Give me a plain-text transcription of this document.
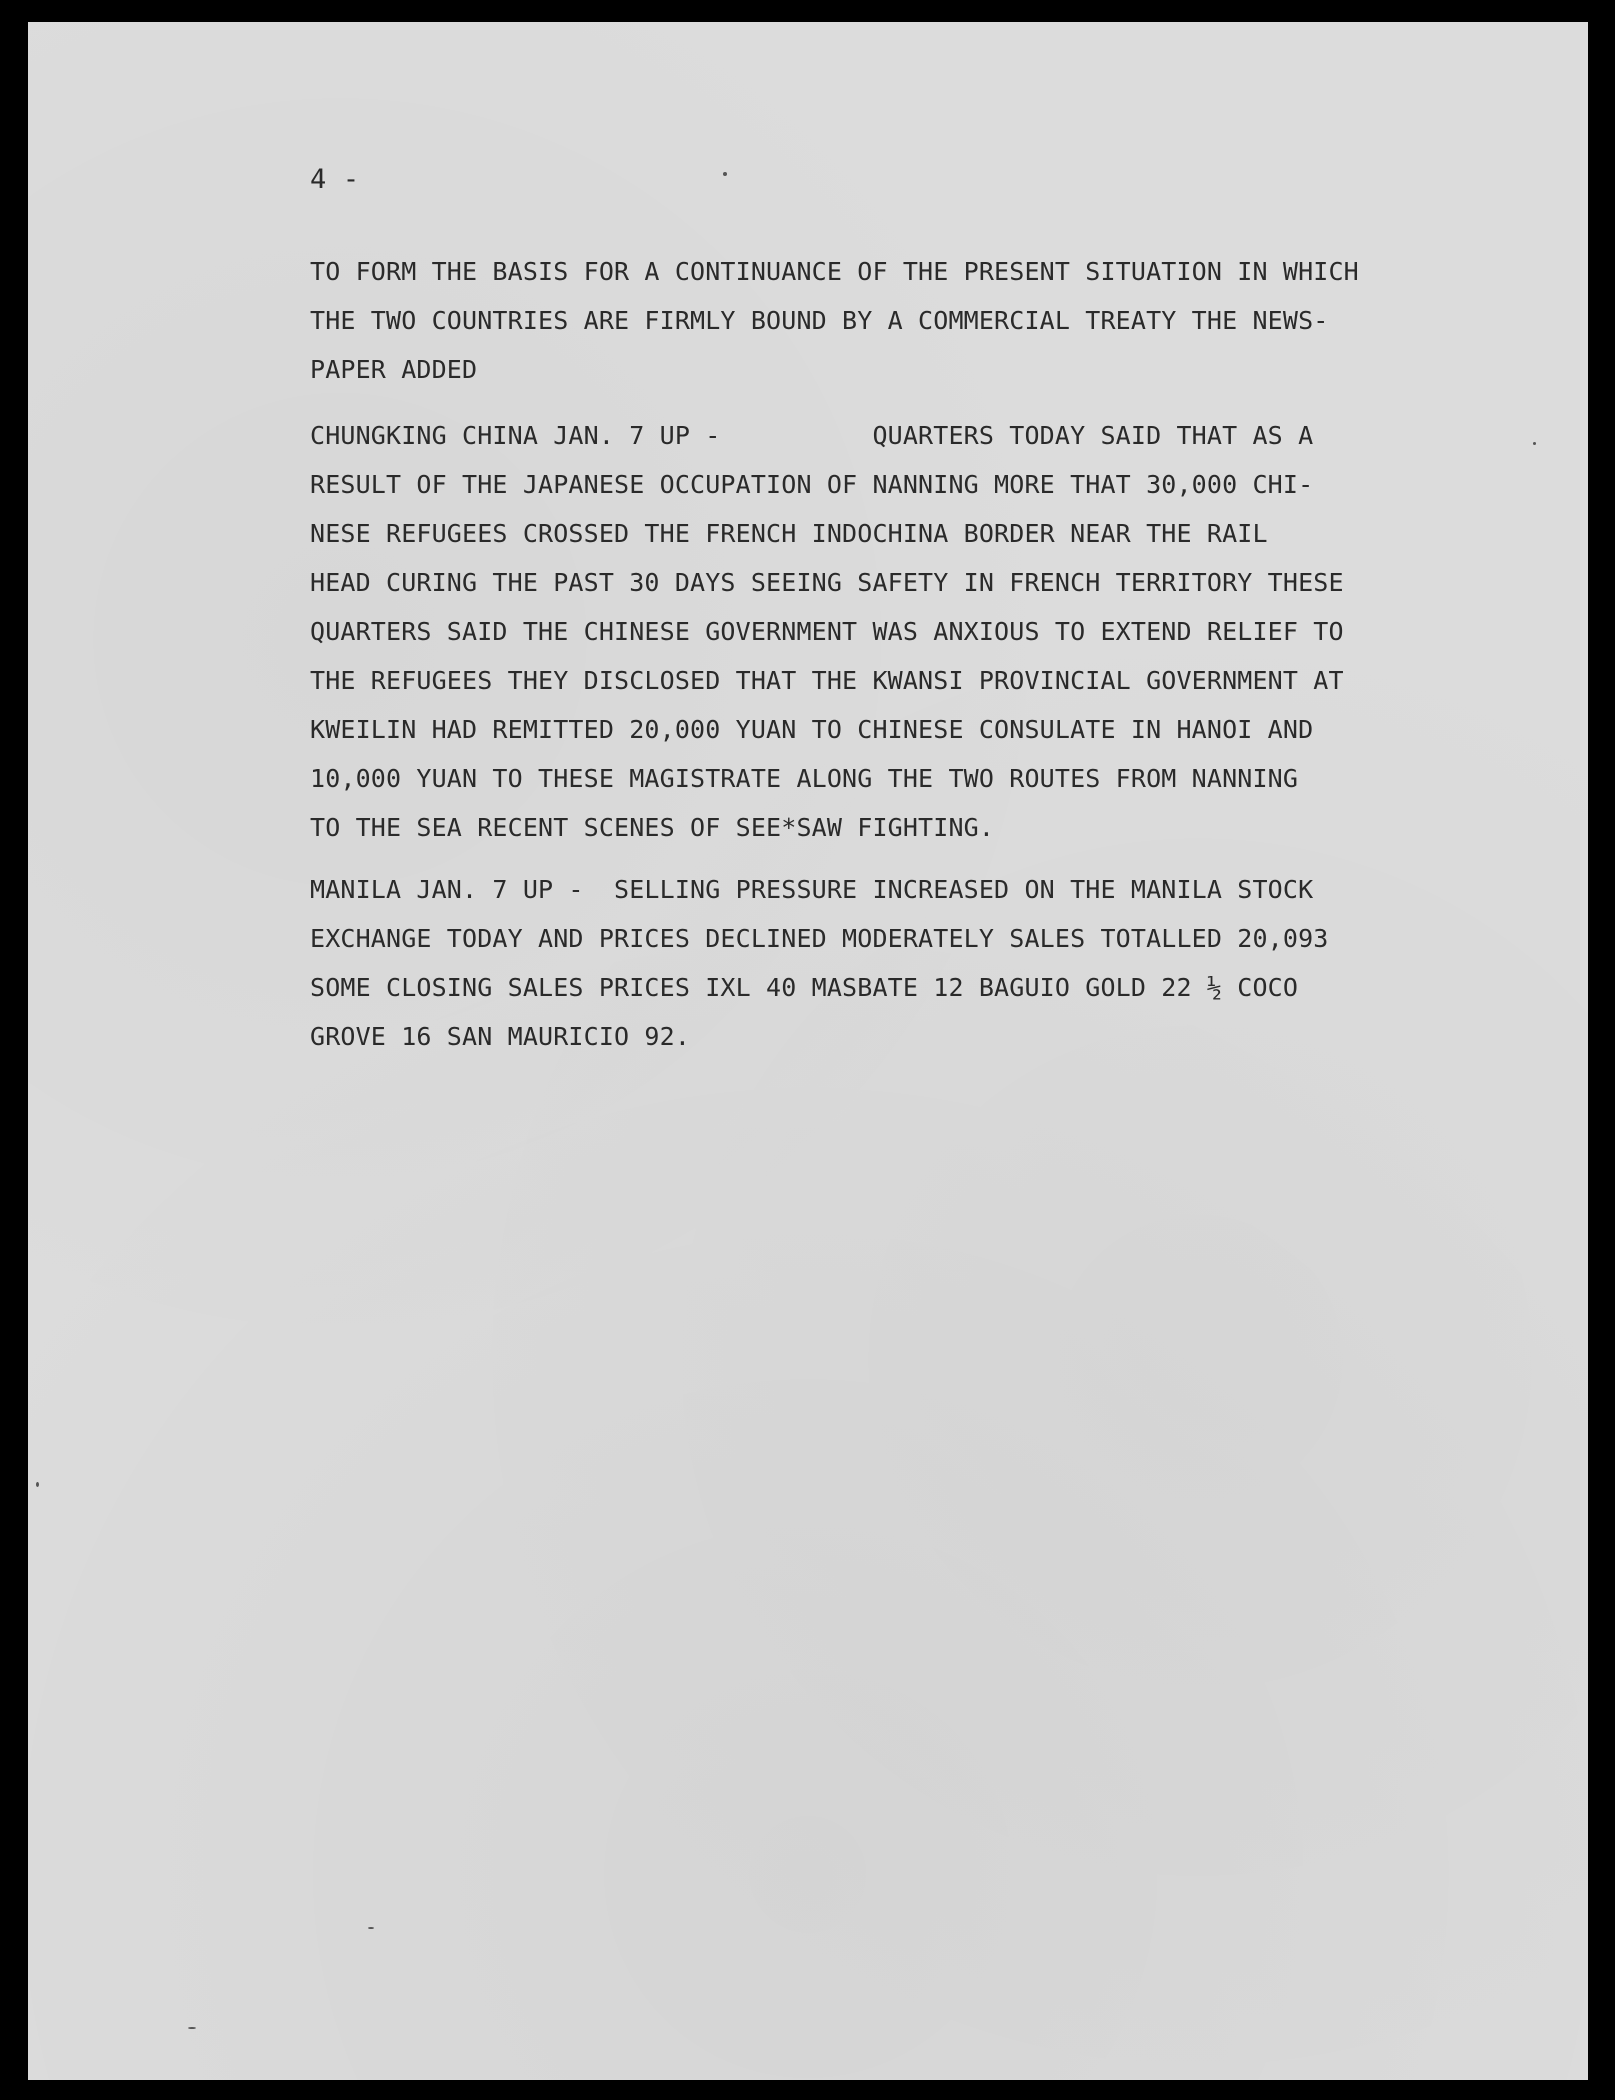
4 -
TO FORM THE BASIS FOR A CONTINUANCE OF THE PRESENT SITUATION IN WHICH
THE TWO COUNTRIES ARE FIRMLY BOUND BY A COMMERCIAL TREATY THE NEWS-
PAPER ADDED
CHUNGKING CHINA JAN. 7 UP -          QUARTERS TODAY SAID THAT AS A
RESULT OF THE JAPANESE OCCUPATION OF NANNING MORE THAT 30,000 CHI-
NESE REFUGEES CROSSED THE FRENCH INDOCHINA BORDER NEAR THE RAIL
HEAD CURING THE PAST 30 DAYS SEEING SAFETY IN FRENCH TERRITORY THESE
QUARTERS SAID THE CHINESE GOVERNMENT WAS ANXIOUS TO EXTEND RELIEF TO
THE REFUGEES THEY DISCLOSED THAT THE KWANSI PROVINCIAL GOVERNMENT AT
KWEILIN HAD REMITTED 20,000 YUAN TO CHINESE CONSULATE IN HANOI AND
10,000 YUAN TO THESE MAGISTRATE ALONG THE TWO ROUTES FROM NANNING
TO THE SEA RECENT SCENES OF SEE*SAW FIGHTING.
MANILA JAN. 7 UP -  SELLING PRESSURE INCREASED ON THE MANILA STOCK
EXCHANGE TODAY AND PRICES DECLINED MODERATELY SALES TOTALLED 20,093
SOME CLOSING SALES PRICES IXL 40 MASBATE 12 BAGUIO GOLD 22 ½ COCO
GROVE 16 SAN MAURICIO 92.
